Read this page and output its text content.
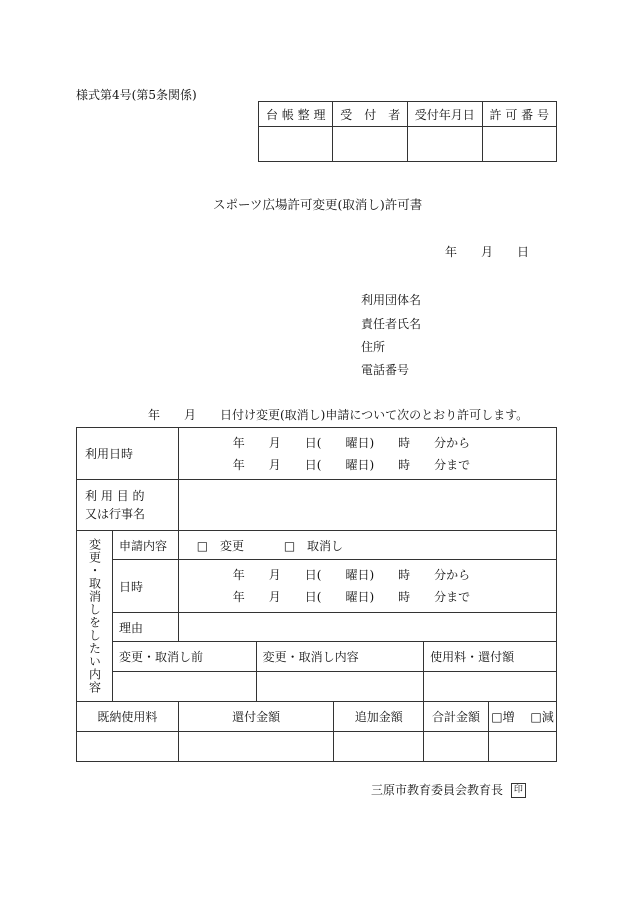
様式第4号(第5条関係)
台 帳 整 理	受　付　者	受付年月日	許 可 番 号

スポーツ広場許可変更(取消し)許可書
年　　月　　日
利用団体名
責任者氏名
住所
電話番号
年　　月　　日付け変更(取消し)申請について次のとおり許可します。
利用日時		年　　月　　日(　　曜日)　　時　　分から
年　　月　　日(　　曜日)　　時　　分まで				

利 用 目 的
又は行事名						

変更・取消しをしたい内容	申請内容	□ 変更 □ 取消し				
	日時	年　　月　　日(　　曜日)　　時　　分から
年　　月　　日(　　曜日)　　時　　分まで				

	理由					
	変更・取消し前		変更・取消し内容		使用料・還付額	

既納使用料		還付金額		追加金額	合計金額	□増 □減

三原市教育委員会教育長 印
